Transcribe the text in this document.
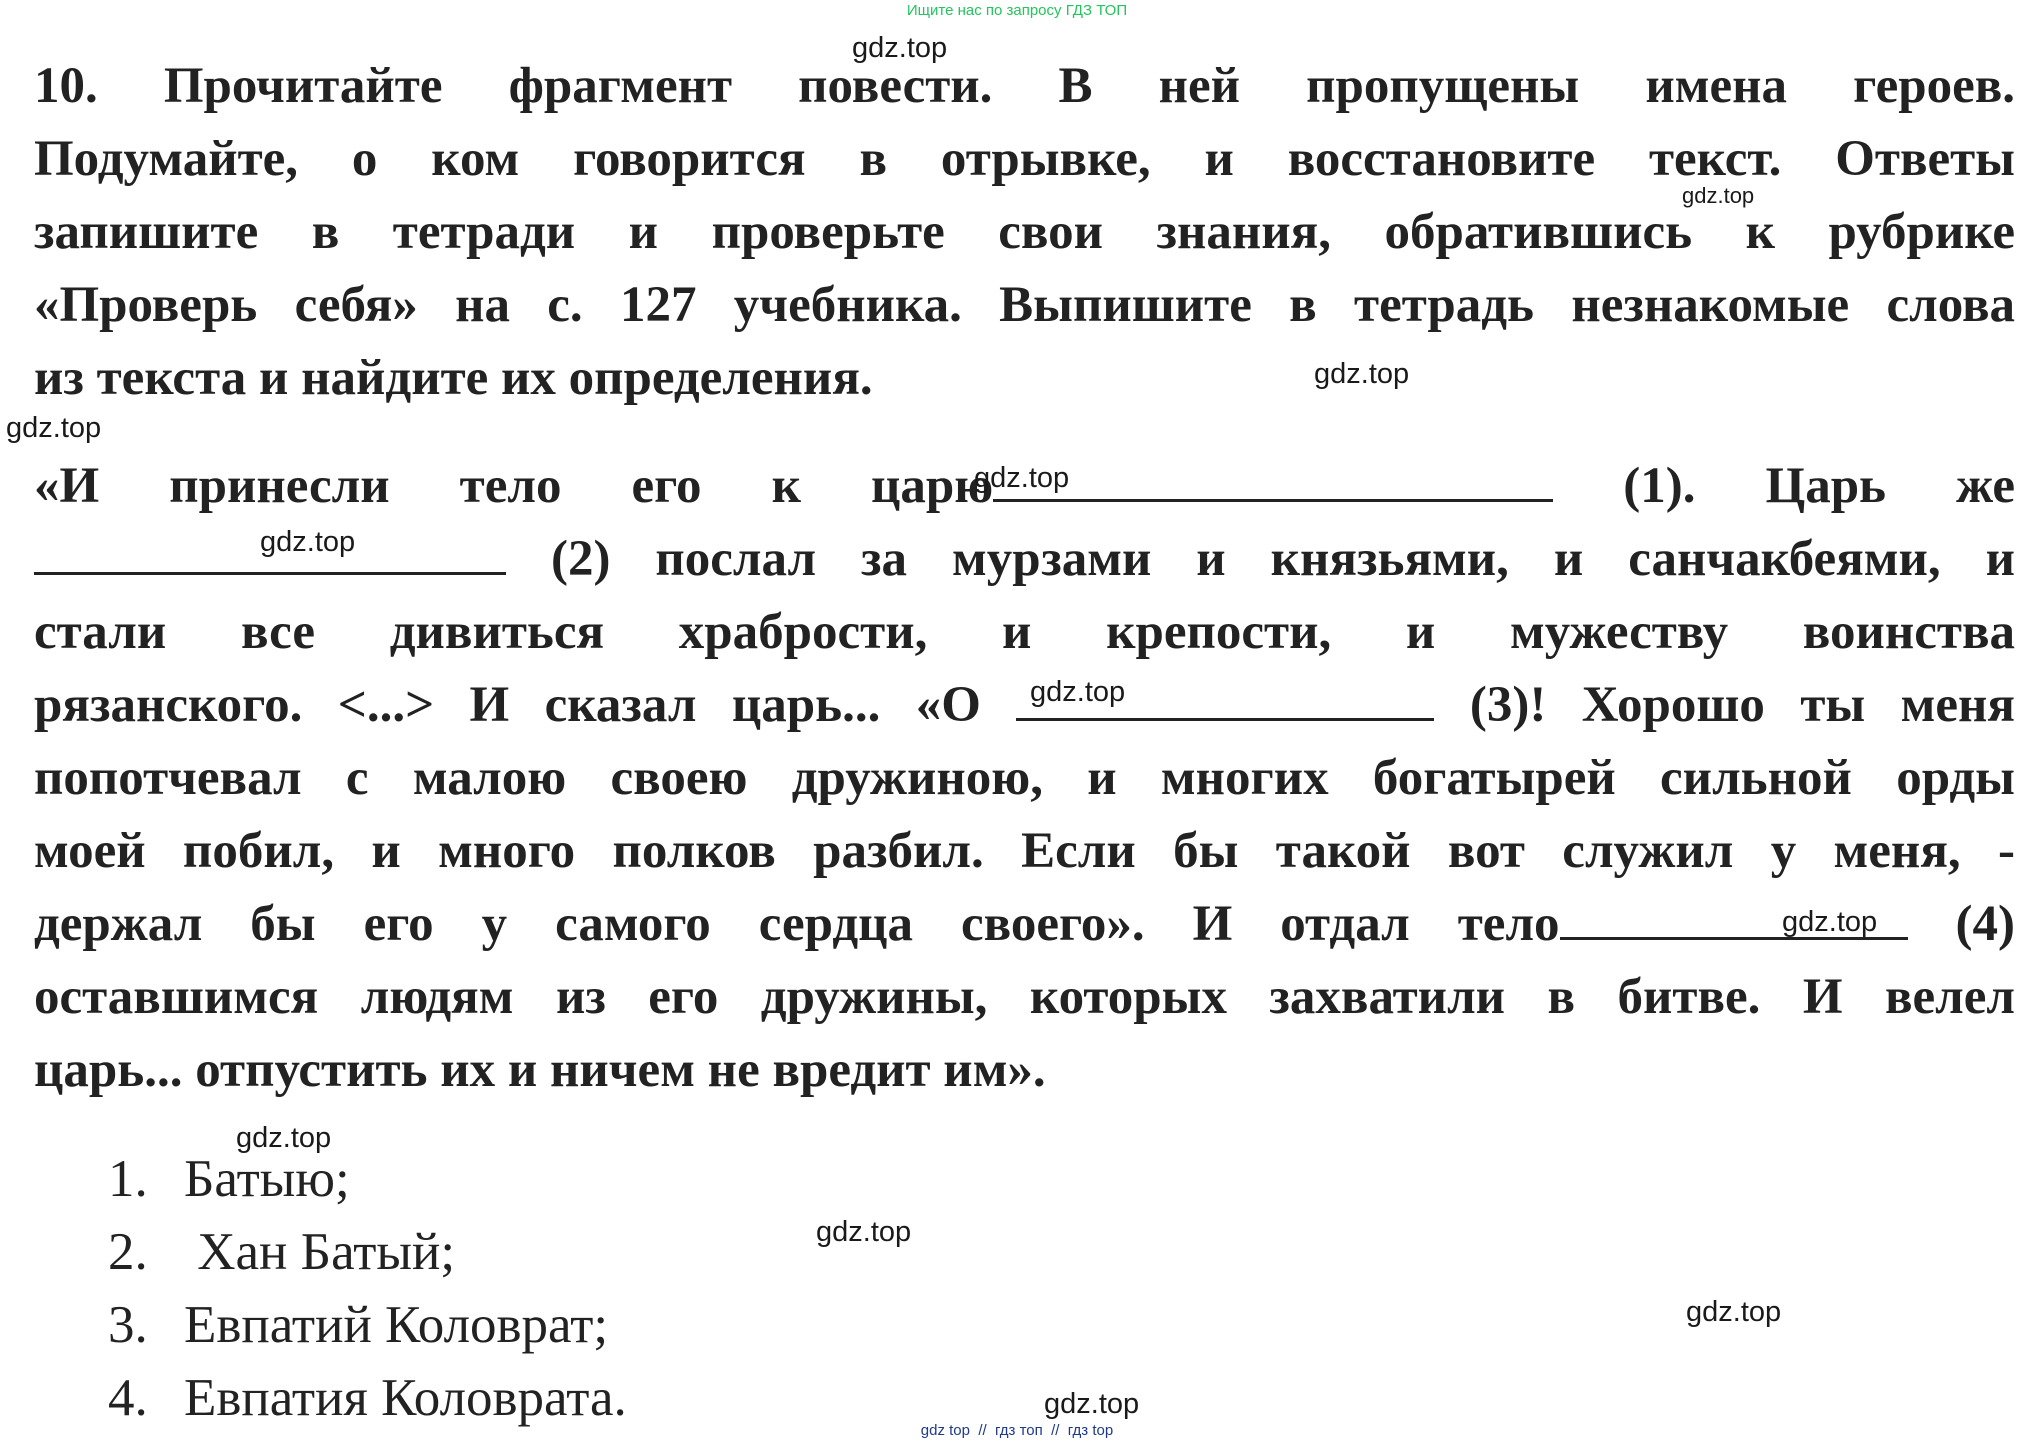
Ищите нас по запросу ГДЗ ТОП
10. Прочитайте фрагмент повести. В ней пропущены имена героев.
Подумайте, о ком говорится в отрывке, и восстановите текст. Ответы
запишите в тетради и проверьте свои знания, обратившись к рубрике
«Проверь себя» на с. 127 учебника. Выпишите в тетрадь незнакомые слова
из текста и найдите их определения.
«И принесли тело его к царю	(1). Царь же
(2) послал за мурзами и князьями, и санчакбеями, и
стали все дивиться храбрости, и крепости, и мужеству воинства
рязанского. <...> И сказал царь... «О	(3)! Хорошо ты меня
попотчевал с малою своею дружиною, и многих богатырей сильной орды
моей побил, и много полков разбил. Если бы такой вот служил у меня, -
держал бы его у самого сердца своего». И отдал тело	(4)
оставшимся людям из его дружины, которых захватили в битве. И велел
царь... отпустить их и ничем не вредит им».
1. Батыю;
2. Хан Батый;
3. Евпатий Коловрат;
4. Евпатия Коловрата.
gdz.top
gdz.top
gdz.top
gdz.top
gdz.top
gdz.top
gdz.top
gdz.top
gdz.top
gdz.top
gdz.top
gdz.top
gdz top  //  гдз топ  //  гдз top
